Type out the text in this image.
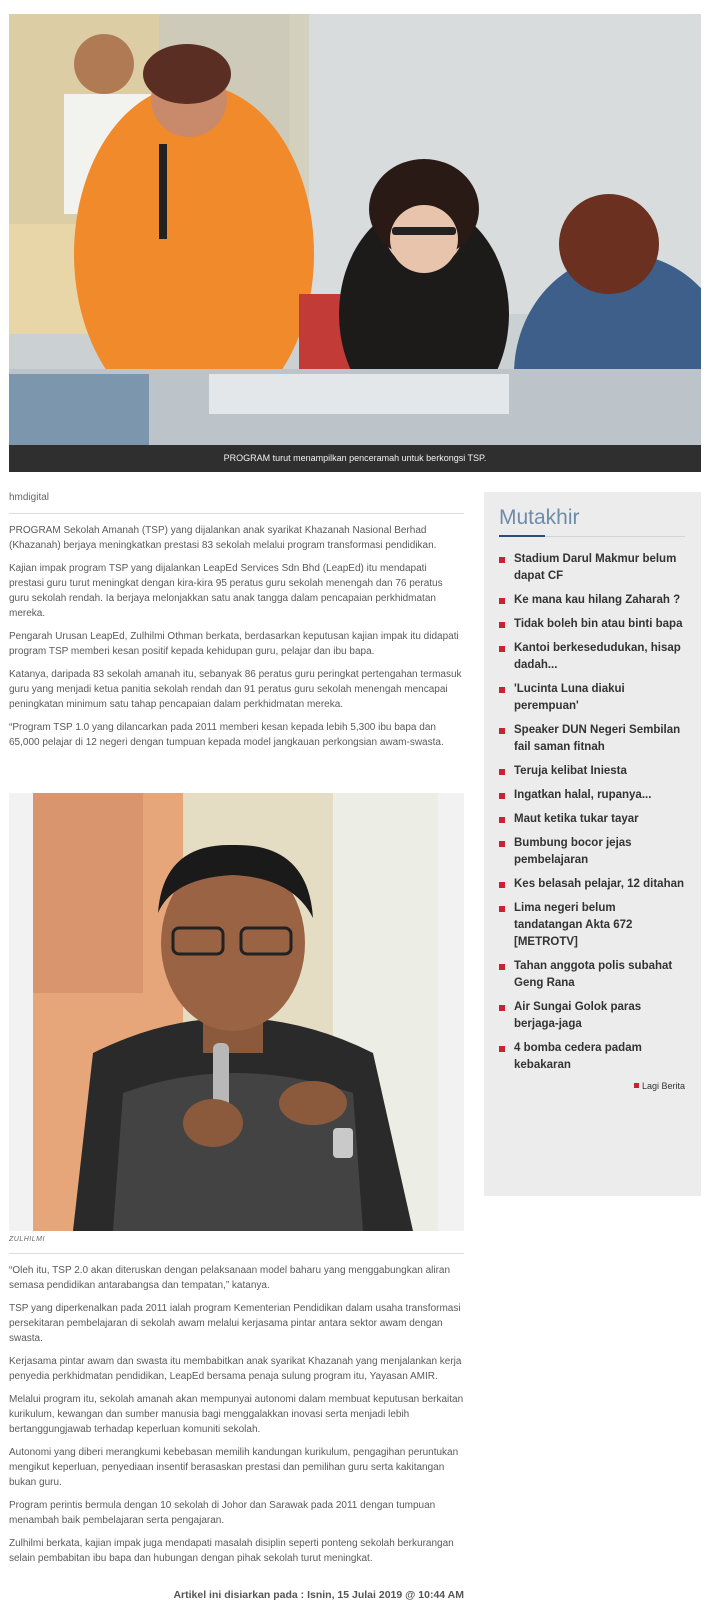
PROGRAM turut menampilkan penceramah untuk berkongsi TSP.
hmdigital

PROGRAM Sekolah Amanah (TSP) yang dijalankan anak syarikat Khazanah Nasional Berhad (Khazanah) berjaya meningkatkan prestasi 83 sekolah melalui program transformasi pendidikan.

Kajian impak program TSP yang dijalankan LeapEd Services Sdn Bhd (LeapEd) itu mendapati prestasi guru turut meningkat dengan kira-kira 95 peratus guru sekolah menengah dan 76 peratus guru sekolah rendah. Ia berjaya melonjakkan satu anak tangga dalam pencapaian perkhidmatan mereka.

Pengarah Urusan LeapEd, Zulhilmi Othman berkata, berdasarkan keputusan kajian impak itu didapati program TSP memberi kesan positif kepada kehidupan guru, pelajar dan ibu bapa.

Katanya, daripada 83 sekolah amanah itu, sebanyak 86 peratus guru peringkat pertengahan termasuk guru yang menjadi ketua panitia sekolah rendah dan 91 peratus guru sekolah menengah mencapai peningkatan minimum satu tahap pencapaian dalam perkhidmatan mereka.

“Program TSP 1.0 yang dilancarkan pada 2011 memberi kesan kepada lebih 5,300 ibu bapa dan 65,000 pelajar di 12 negeri dengan tumpuan kepada model jangkauan perkongsian awam-swasta.

ZULHILMI

“Oleh itu, TSP 2.0 akan diteruskan dengan pelaksanaan model baharu yang menggabungkan aliran semasa pendidikan antarabangsa dan tempatan,” katanya.

TSP yang diperkenalkan pada 2011 ialah program Kementerian Pendidikan dalam usaha transformasi persekitaran pembelajaran di sekolah awam melalui kerjasama pintar antara sektor awam dengan swasta.

Kerjasama pintar awam dan swasta itu membabitkan anak syarikat Khazanah yang menjalankan kerja penyedia perkhidmatan pendidikan, LeapEd bersama penaja sulung program itu, Yayasan AMIR.

Melalui program itu, sekolah amanah akan mempunyai autonomi dalam membuat keputusan berkaitan kurikulum, kewangan dan sumber manusia bagi menggalakkan inovasi serta menjadi lebih bertanggungjawab terhadap keperluan komuniti sekolah.

Autonomi yang diberi merangkumi kebebasan memilih kandungan kurikulum, pengagihan peruntukan mengikut keperluan, penyediaan insentif berasaskan prestasi dan pemilihan guru serta kakitangan bukan guru.

Program perintis bermula dengan 10 sekolah di Johor dan Sarawak pada 2011 dengan tumpuan menambah baik pembelajaran serta pengajaran.

Zulhilmi berkata, kajian impak juga mendapati masalah disiplin seperti ponteng sekolah berkurangan selain pembabitan ibu bapa dan hubungan dengan pihak sekolah turut meningkat.

Artikel ini disiarkan pada : Isnin, 15 Julai 2019 @ 10:44 AM
Mutakhir
Stadium Darul Makmur belum dapat CF
Ke mana kau hilang Zaharah ?
Tidak boleh bin atau binti bapa
Kantoi berkesedudukan, hisap dadah...
'Lucinta Luna diakui perempuan'
Speaker DUN Negeri Sembilan fail saman fitnah
Teruja kelibat Iniesta
Ingatkan halal, rupanya...
Maut ketika tukar tayar
Bumbung bocor jejas pembelajaran
Kes belasah pelajar, 12 ditahan
Lima negeri belum tandatangan Akta 672 [METROTV]
Tahan anggota polis subahat Geng Rana
Air Sungai Golok paras berjaga-jaga
4 bomba cedera padam kebakaran
Lagi Berita
